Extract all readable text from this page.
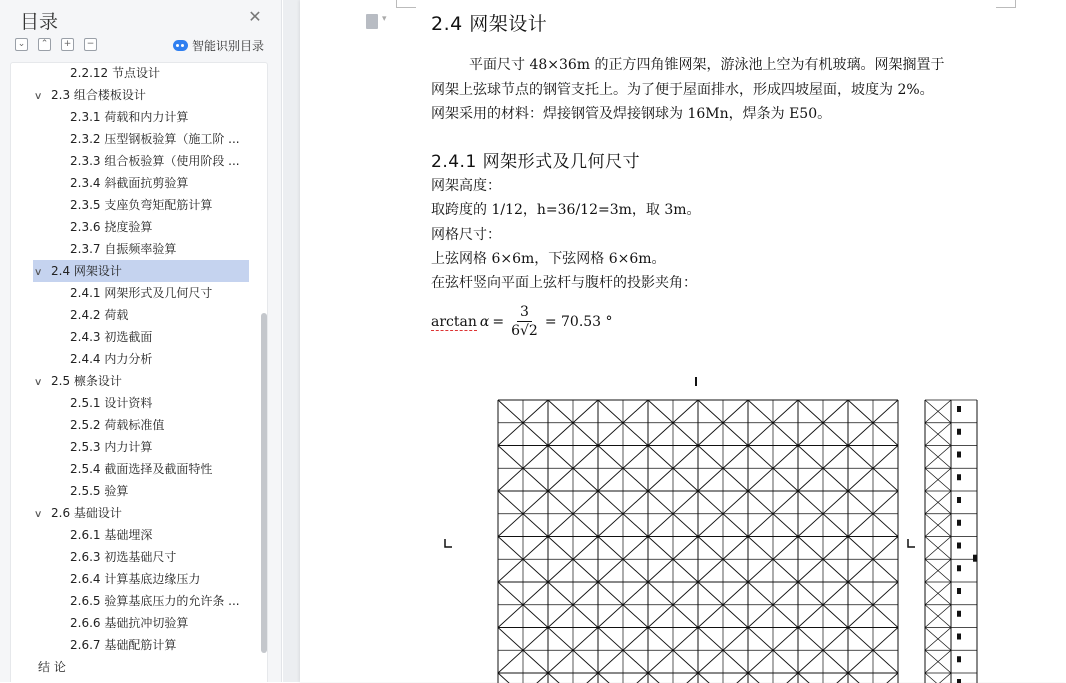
目录	✕
⌄	⌃	+	−	智能识别目录
2.2.12 节点设计
∨ 2.3 组合楼板设计
2.3.1 荷载和内力计算
2.3.2 压型钢板验算（施工阶 ...
2.3.3 组合板验算（使用阶段 ...
2.3.4 斜截面抗剪验算
2.3.5 支座负弯矩配筋计算
2.3.6 挠度验算
2.3.7 自振频率验算
∨ 2.4 网架设计
2.4.1 网架形式及几何尺寸
2.4.2 荷载
2.4.3 初选截面
2.4.4 内力分析
∨ 2.5 檩条设计
2.5.1 设计资料
2.5.2 荷载标准值
2.5.3 内力计算
2.5.4 截面选择及截面特性
2.5.5 验算
∨ 2.6 基础设计
2.6.1 基础埋深
2.6.3 初选基础尺寸
2.6.4 计算基底边缘压力
2.6.5 验算基底压力的允许条 ...
2.6.6 基础抗冲切验算
2.6.7 基础配筋计算
结 论
▾
2.4 网架设计
平面尺寸 48×36m 的正方四角锥网架，游泳池上空为有机玻璃。网架搁置于
网架上弦球节点的钢管支托上。为了便于屋面排水，形成四坡屋面，坡度为 2%。
网架采用的材料：焊接钢管及焊接钢球为 16Mn，焊条为 E50。
2.4.1 网架形式及几何尺寸
网架高度：
取跨度的 1/12，h=36/12=3m，取 3m。
网格尺寸：
上弦网格 6×6m，下弦网格 6×6m。
在弦杆竖向平面上弦杆与腹杆的投影夹角：
$\arctan \alpha = \frac{3}{6√2} = 70.53$ °
